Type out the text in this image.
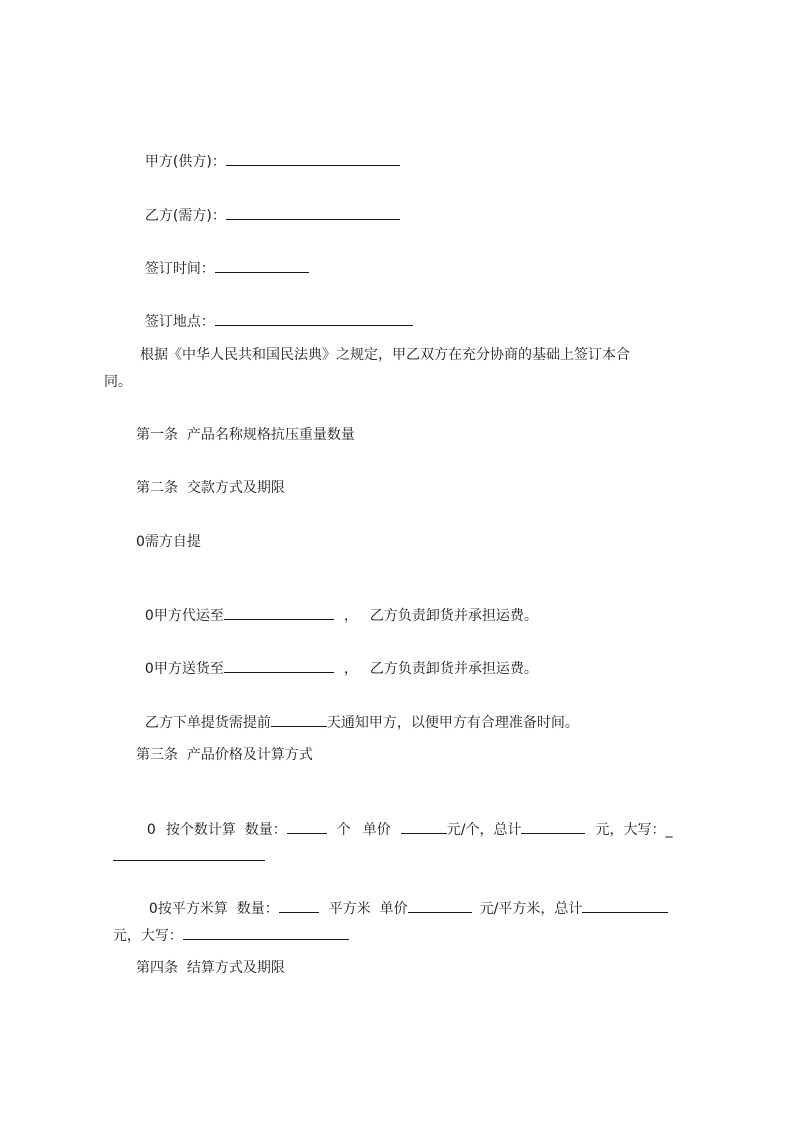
甲方(供方)：

乙方(需方)：

签订时间：

签订地点：

根据《中华人民共和国民法典》之规定，甲乙双方在充分协商的基础上签订本合
同。
第一条  产品名称规格抗压重量数量
第二条  交款方式及期限
0需方自提

0甲方代运至	， 乙方负责卸货并承担运费。

0甲方送货至	， 乙方负责卸货并承担运费。

乙方下单提货需提前	天通知甲方，以便甲方有合理准备时间。

第三条  产品价格及计算方式

0 按个数计算  数量：	个 单价	元/个，总计	元，大写：_

0按平方米算  数量：	平方米  单价	元/平方米，总计

元，大写：

第四条  结算方式及期限
